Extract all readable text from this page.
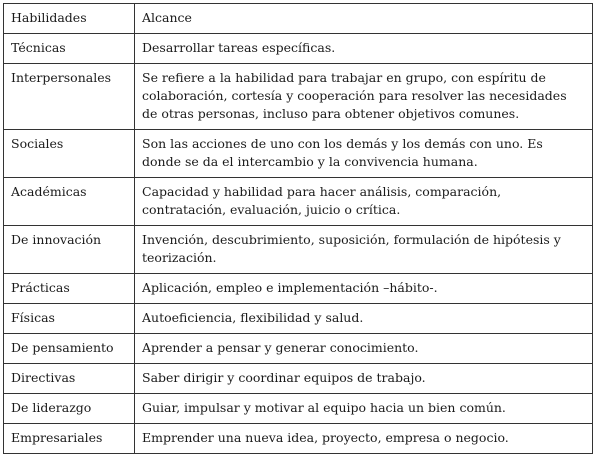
Habilidades	Alcance
Técnicas	Desarrollar tareas específicas.
Interpersonales	Se refiere a la habilidad para trabajar en grupo, con espíritu de colaboración, cortesía y cooperación para resolver las necesidades de otras personas, incluso para obtener objetivos comunes.
Sociales	Son las acciones de uno con los demás y los demás con uno. Es donde se da el intercambio y la convivencia humana.
Académicas	Capacidad y habilidad para hacer análisis, comparación, contratación, evaluación, juicio o crítica.
De innovación	Invención, descubrimiento, suposición, formulación de hipótesis y teorización.
Prácticas	Aplicación, empleo e implementación –hábito-.
Físicas	Autoeficiencia, flexibilidad y salud.
De pensamiento	Aprender a pensar y generar conocimiento.
Directivas	Saber dirigir y coordinar equipos de trabajo.
De liderazgo	Guiar, impulsar y motivar al equipo hacia un bien común.
Empresariales	Emprender una nueva idea, proyecto, empresa o negocio.
